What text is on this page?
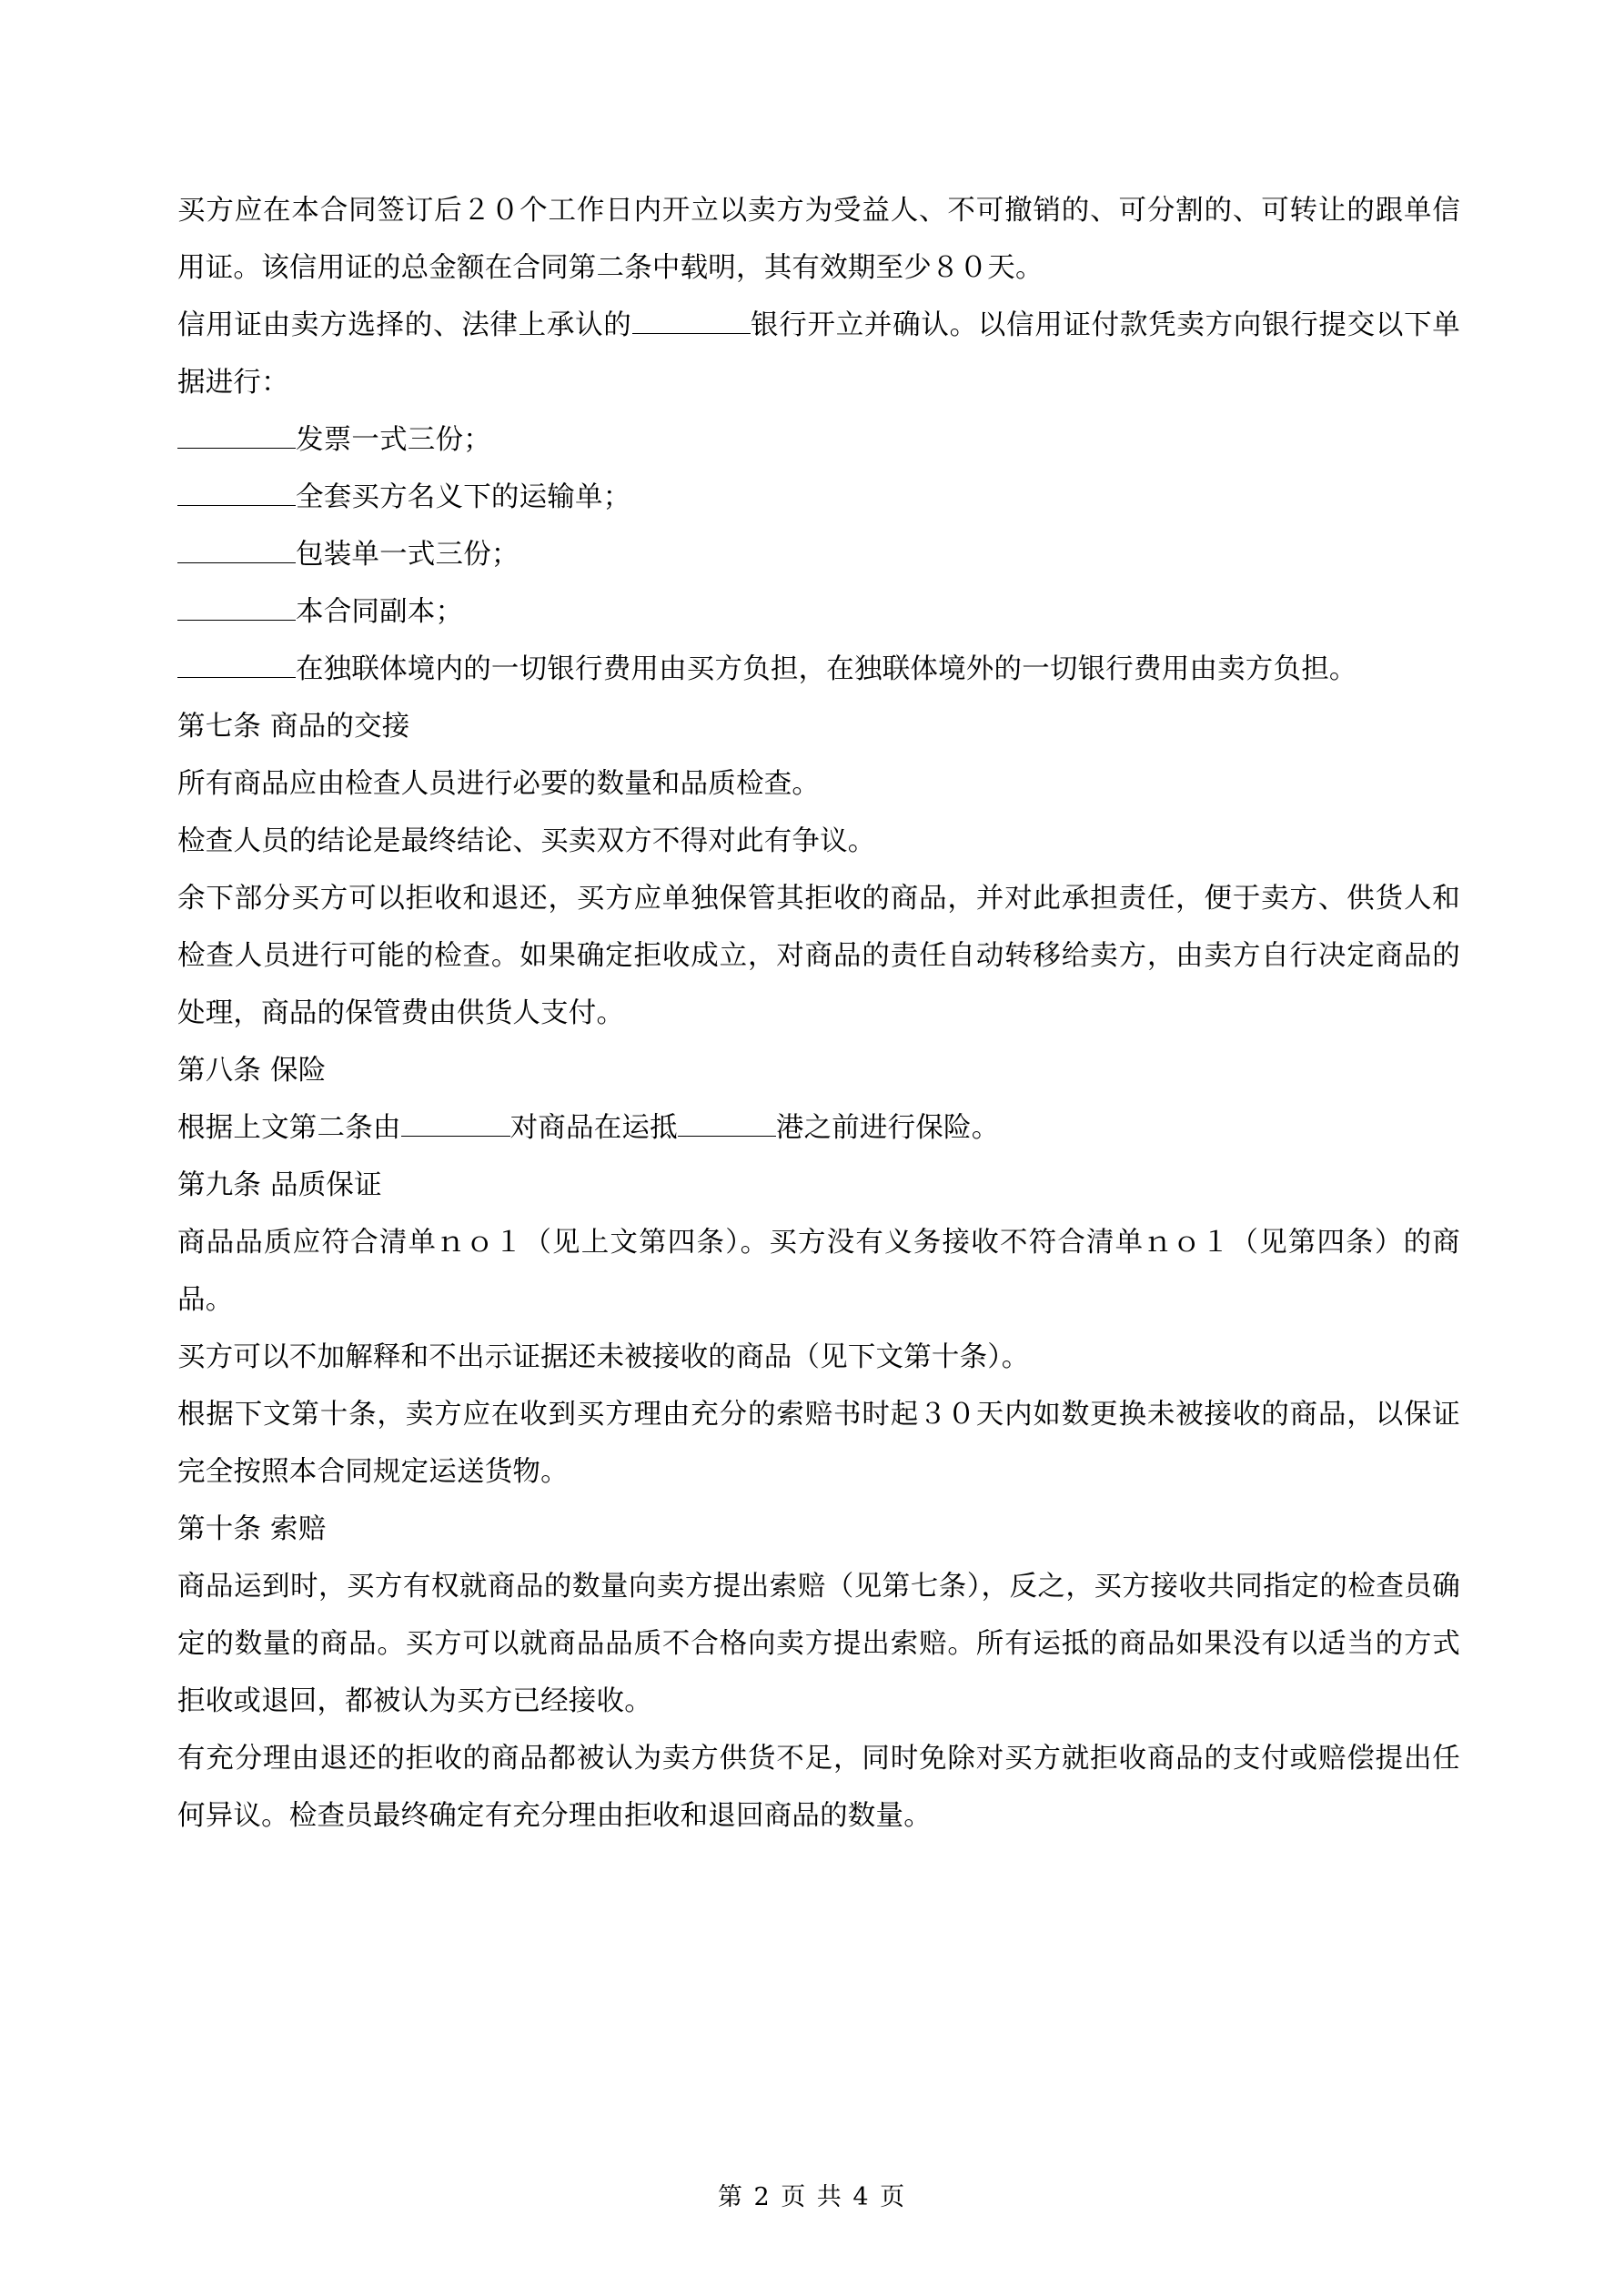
买方应在本合同签订后２０个工作日内开立以卖方为受益人、不可撤销的、可分割的、可转让的跟单信用证。该信用证的总金额在合同第二条中载明，其有效期至少８０天。

信用证由卖方选择的、法律上承认的	银行开立并确认。以信用证付款凭卖方向银行提交以下单据进行：

发票一式三份；

全套买方名义下的运输单；

包装单一式三份；

本合同副本；

在独联体境内的一切银行费用由买方负担，在独联体境外的一切银行费用由卖方负担。

第七条 商品的交接

所有商品应由检查人员进行必要的数量和品质检查。

检查人员的结论是最终结论、买卖双方不得对此有争议。

余下部分买方可以拒收和退还，买方应单独保管其拒收的商品，并对此承担责任，便于卖方、供货人和检查人员进行可能的检查。如果确定拒收成立，对商品的责任自动转移给卖方，由卖方自行决定商品的处理，商品的保管费由供货人支付。

第八条 保险

根据上文第二条由	对商品在运抵	港之前进行保险。

第九条 品质保证

商品品质应符合清单ｎｏ１（见上文第四条）。买方没有义务接收不符合清单ｎｏ１（见第四条）的商品。

买方可以不加解释和不出示证据还未被接收的商品（见下文第十条）。

根据下文第十条，卖方应在收到买方理由充分的索赔书时起３０天内如数更换未被接收的商品，以保证完全按照本合同规定运送货物。

第十条 索赔

商品运到时，买方有权就商品的数量向卖方提出索赔（见第七条），反之，买方接收共同指定的检查员确定的数量的商品。买方可以就商品品质不合格向卖方提出索赔。所有运抵的商品如果没有以适当的方式拒收或退回，都被认为买方已经接收。

有充分理由退还的拒收的商品都被认为卖方供货不足，同时免除对买方就拒收商品的支付或赔偿提出任何异议。检查员最终确定有充分理由拒收和退回商品的数量。

第 2 页 共 4 页
